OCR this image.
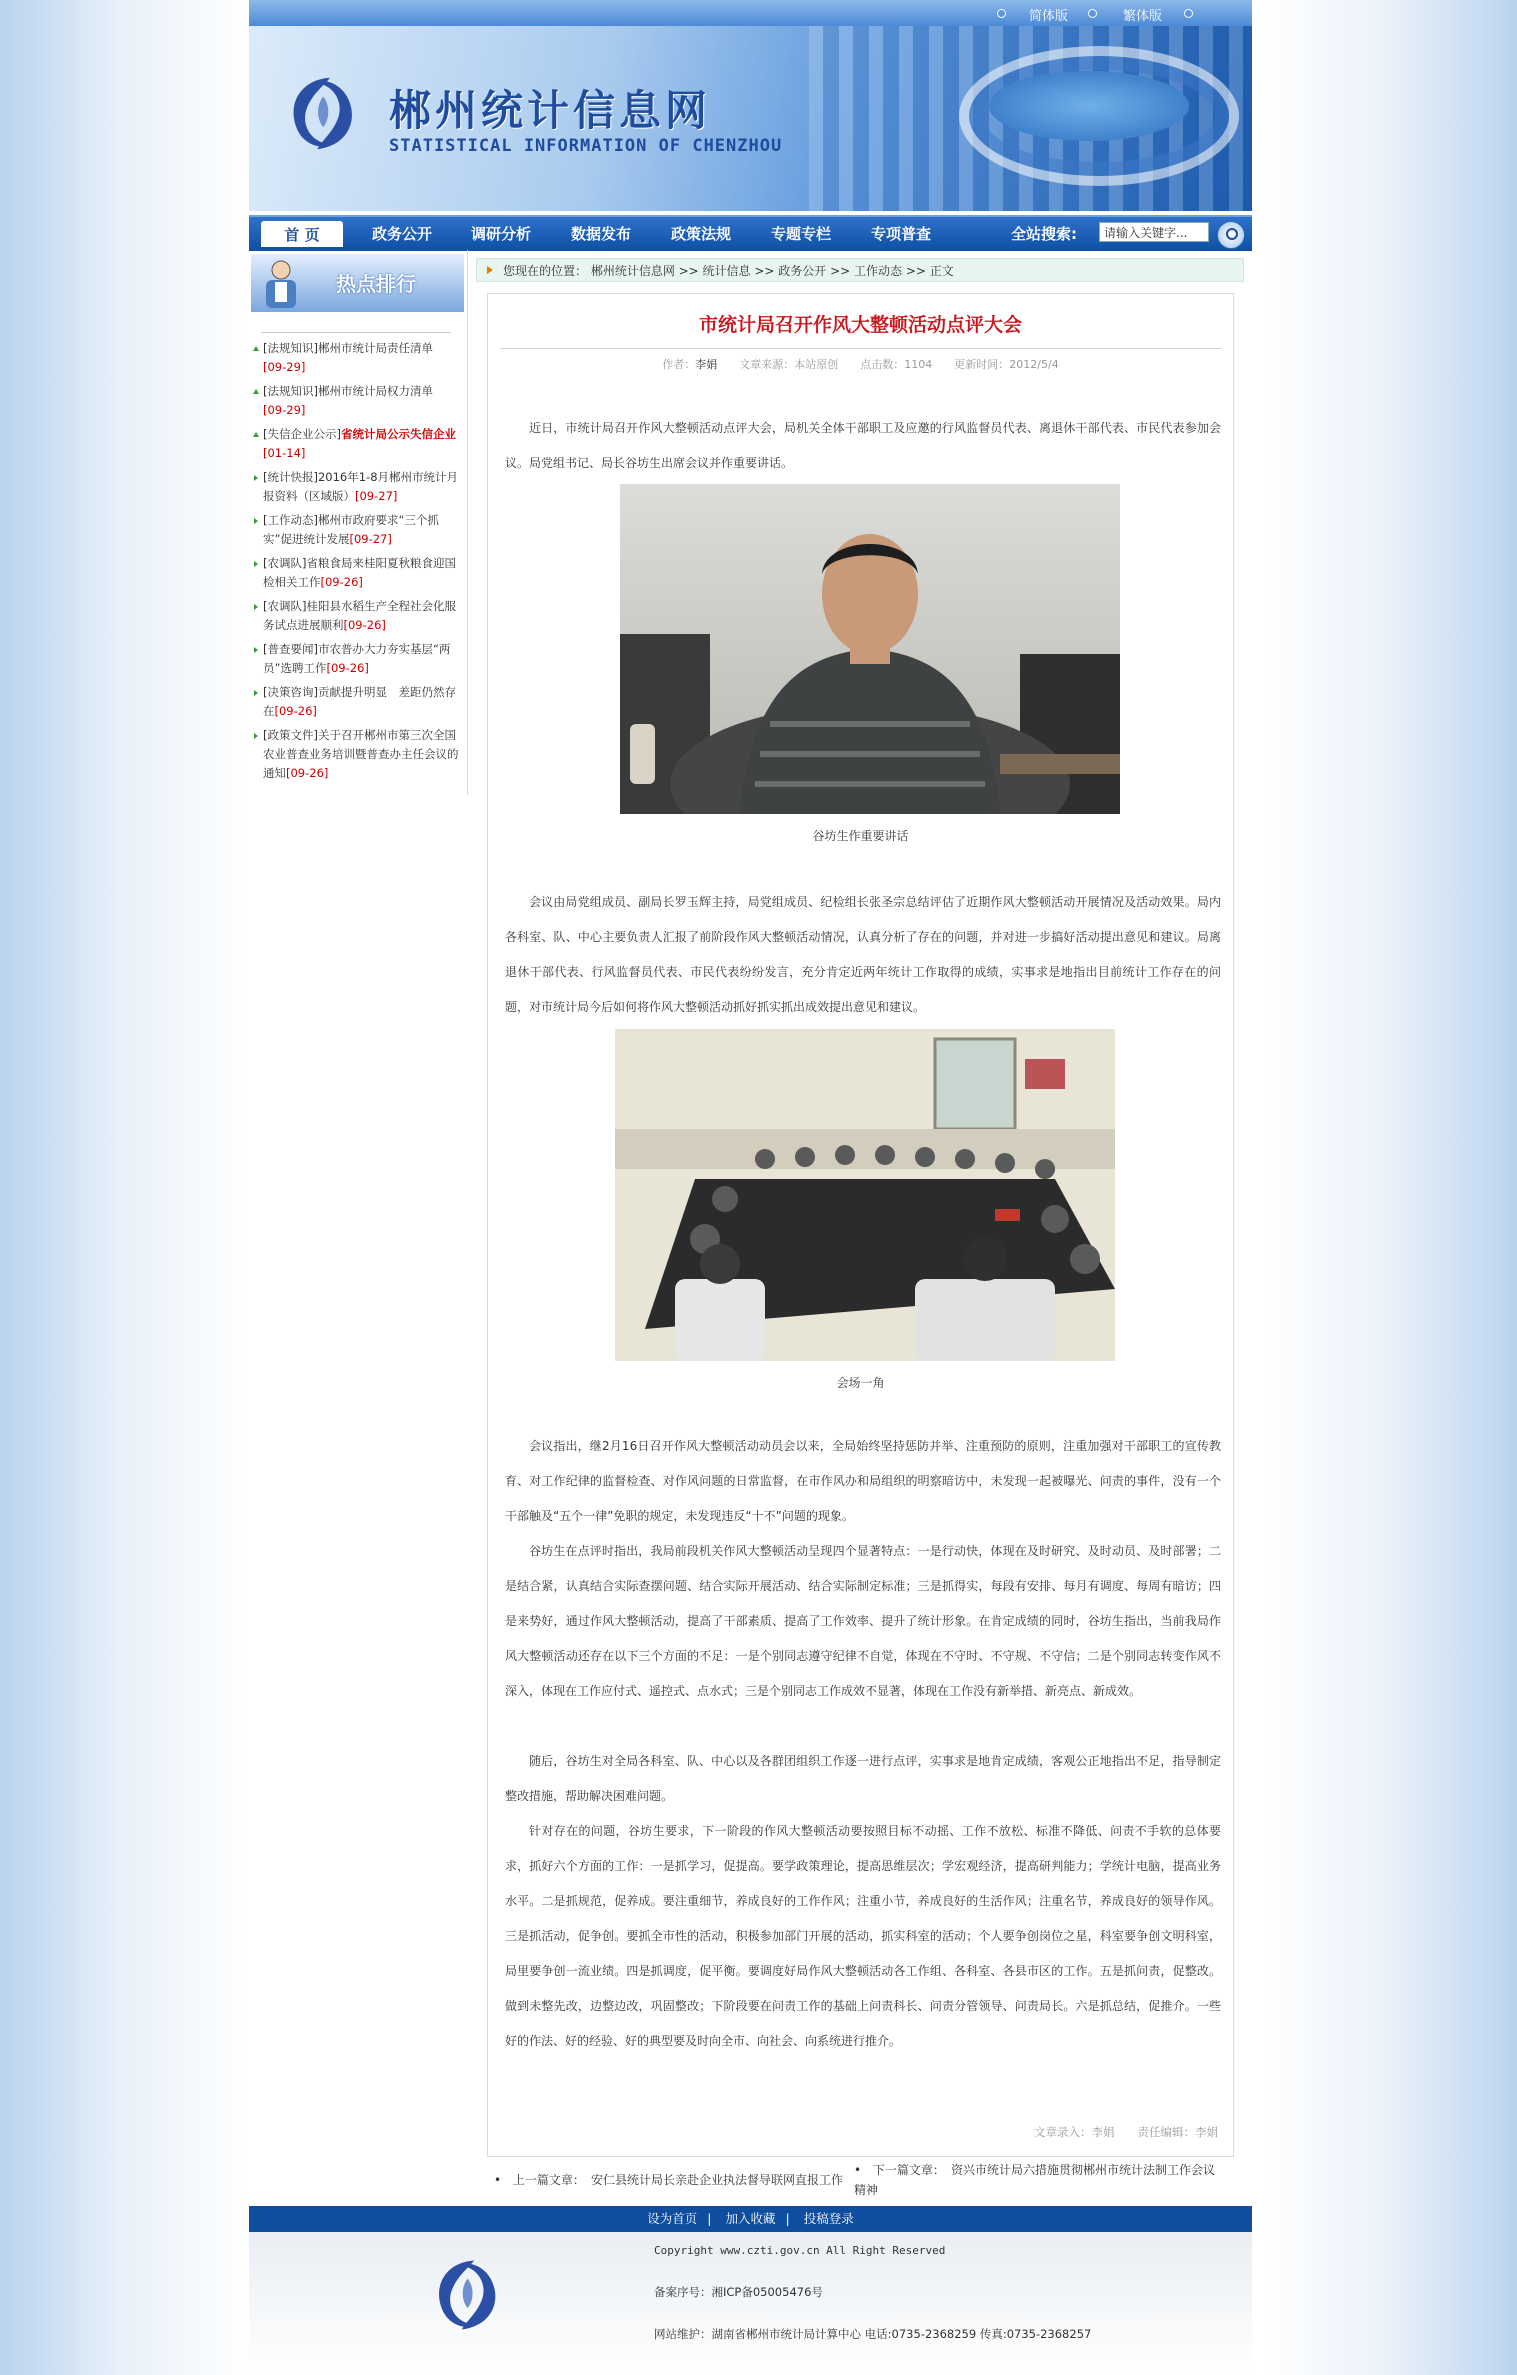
简体版	繁体版
郴州统计信息网
STATISTICAL INFORMATION OF CHENZHOU
首 页	政务公开	调研分析	数据发布	政策法规	专题专栏	专项普查	全站搜索:
请输入关键字...
热点排行
[法规知识]郴州市统计局责任清单
[09-29]
[法规知识]郴州市统计局权力清单
[09-29]
[失信企业公示]省统计局公示失信企业[01-14]
[统计快报]2016年1-8月郴州市统计月报资料（区域版）[09-27]
[工作动态]郴州市政府要求“三个抓实”促进统计发展[09-27]
[农调队]省粮食局来桂阳夏秋粮食迎国检相关工作[09-26]
[农调队]桂阳县水稻生产全程社会化服务试点进展顺利[09-26]
[普查要闻]市农普办大力夯实基层“两员”选聘工作[09-26]
[决策咨询]贡献提升明显　差距仍然存在[09-26]
[政策文件]关于召开郴州市第三次全国农业普查业务培训暨普查办主任会议的通知[09-26]
您现在的位置： 郴州统计信息网 >> 统计信息 >> 政务公开 >> 工作动态 >> 正文
市统计局召开作风大整顿活动点评大会
作者：李娟　　文章来源：本站原创　　点击数：1104　　更新时间：2012/5/4

近日，市统计局召开作风大整顿活动点评大会，局机关全体干部职工及应邀的行风监督员代表、离退休干部代表、市民代表参加会议。局党组书记、局长谷坊生出席会议并作重要讲话。

谷坊生作重要讲话

会议由局党组成员、副局长罗玉辉主持，局党组成员、纪检组长张圣宗总结评估了近期作风大整顿活动开展情况及活动效果。局内各科室、队、中心主要负责人汇报了前阶段作风大整顿活动情况，认真分析了存在的问题，并对进一步搞好活动提出意见和建议。局离退休干部代表、行风监督员代表、市民代表纷纷发言，充分肯定近两年统计工作取得的成绩，实事求是地指出目前统计工作存在的问题，对市统计局今后如何将作风大整顿活动抓好抓实抓出成效提出意见和建议。

会场一角

会议指出，继2月16日召开作风大整顿活动动员会以来，全局始终坚持惩防并举、注重预防的原则，注重加强对干部职工的宣传教育、对工作纪律的监督检查、对作风问题的日常监督，在市作风办和局组织的明察暗访中，未发现一起被曝光、问责的事件，没有一个干部触及“五个一律”免职的规定，未发现违反“十不”问题的现象。

谷坊生在点评时指出，我局前段机关作风大整顿活动呈现四个显著特点：一是行动快，体现在及时研究、及时动员、及时部署；二是结合紧，认真结合实际查摆问题、结合实际开展活动、结合实际制定标准；三是抓得实，每段有安排、每月有调度、每周有暗访；四是来势好，通过作风大整顿活动，提高了干部素质、提高了工作效率、提升了统计形象。在肯定成绩的同时，谷坊生指出，当前我局作风大整顿活动还存在以下三个方面的不足：一是个别同志遵守纪律不自觉，体现在不守时、不守规、不守信；二是个别同志转变作风不深入，体现在工作应付式、遥控式、点水式；三是个别同志工作成效不显著，体现在工作没有新举措、新亮点、新成效。

随后，谷坊生对全局各科室、队、中心以及各群团组织工作逐一进行点评，实事求是地肯定成绩，客观公正地指出不足，指导制定整改措施，帮助解决困难问题。

针对存在的问题，谷坊生要求，下一阶段的作风大整顿活动要按照目标不动摇、工作不放松、标准不降低、问责不手软的总体要求，抓好六个方面的工作：一是抓学习，促提高。要学政策理论，提高思维层次；学宏观经济，提高研判能力；学统计电脑，提高业务水平。二是抓规范，促养成。要注重细节，养成良好的工作作风；注重小节，养成良好的生活作风；注重名节，养成良好的领导作风。三是抓活动，促争创。要抓全市性的活动，积极参加部门开展的活动，抓实科室的活动；个人要争创岗位之星，科室要争创文明科室，局里要争创一流业绩。四是抓调度，促平衡。要调度好局作风大整顿活动各工作组、各科室、各县市区的工作。五是抓问责，促整改。做到未整先改，边整边改，巩固整改；下阶段要在问责工作的基础上问责科长、问责分管领导、问责局长。六是抓总结，促推介。一些好的作法、好的经验、好的典型要及时向全市、向社会、向系统进行推介。

文章录入：李娟　　责任编辑：李娟
• 上一篇文章：　 安仁县统计局长亲赴企业执法督导联网直报工作
• 下一篇文章：　 资兴市统计局六措施贯彻郴州市统计法制工作会议精神
设为首页 | 加入收藏 | 投稿登录
Copyright www.czti.gov.cn All Right Reserved
备案序号：湘ICP备05005476号
网站维护：湖南省郴州市统计局计算中心 电话:0735-2368259 传真:0735-2368257
